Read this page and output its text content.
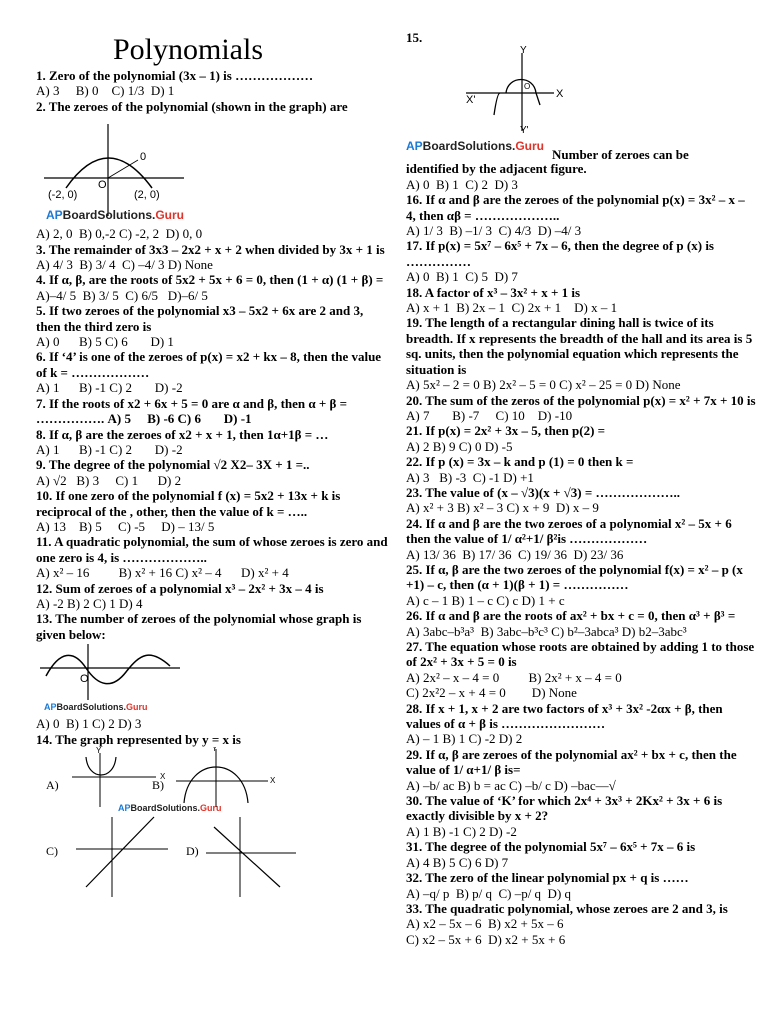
Polynomials
1. Zero of the polynomial (3x – 1) is ………………
A) 3     B) 0    C) 1/3  D) 1
2. The zeroes of the polynomial (shown in the graph) are
0
O
(-2, 0)	(2, 0)
APBoardSolutions.Guru
A) 2, 0  B) 0,-2 C) -2, 2  D) 0, 0
3. The remainder of 3x3 – 2x2 + x + 2 when divided by 3x + 1 is
A) 4/ 3  B) 3/ 4  C) –4/ 3 D) None
4. If α, β, are the roots of 5x2 + 5x + 6 = 0, then (1 + α) (1 + β) =
A)–4/ 5  B) 3/ 5  C) 6/5   D)–6/ 5
5. If two zeroes of the polynomial x3 – 5x2 + 6x are 2 and 3, then the third zero is
A) 0      B) 5 C) 6       D) 1
6. If ‘4’ is one of the zeroes of p(x) = x2 + kx – 8, then the value of k = ………………
A) 1      B) -1 C) 2       D) -2
7. If the roots of x2 + 6x + 5 = 0 are α and β, then α + β = ……………. A) 5     B) -6 C) 6       D) -1
8. If α, β are the zeroes of x2 + x + 1, then 1α+1β = …
A) 1      B) -1 C) 2       D) -2
9. The degree of the polynomial √2 X2– 3X + 1 =..
A) √2   B) 3     C) 1      D) 2
10. If one zero of the polynomial f (x) = 5x2 + 13x + k is reciprocal of the , other, then the value of k = …..
A) 13    B) 5     C) -5     D) – 13/ 5
11. A quadratic polynomial, the sum of whose zeroes is zero and one zero is 4, is ………………..
A) x² – 16         B) x² + 16 C) x² – 4      D) x² + 4
12. Sum of zeroes of a polynomial x³ – 2x² + 3x – 4 is
A) -2 B) 2 C) 1 D) 4
13. The number of zeroes of the polynomial whose graph is given below:
O
APBoardSolutions.Guru
A) 0  B) 1 C) 2 D) 3
14. The graph represented by y = x is
A)
Y
X
B)
Y
X
C)	D)
APBoardSolutions.Guru
15.
Y
X
X'
Y'
O
APBoardSolutions.Guru
Number of zeroes can be
identified by the adjacent figure.
A) 0  B) 1  C) 2  D) 3
16. If α and β are the zeroes of the polynomial p(x) = 3x² – x – 4, then αβ = ………………..
A) 1/ 3  B) –1/ 3  C) 4/3  D) –4/ 3
17. If p(x) = 5x⁷ – 6x⁵ + 7x – 6, then the degree of p (x) is ……………
A) 0  B) 1  C) 5  D) 7
18. A factor of x³ – 3x² + x + 1 is
A) x + 1  B) 2x – 1  C) 2x + 1    D) x – 1
19. The length of a rectangular dining hall is twice of its breadth. If x represents the breadth of the hall and its area is 5 sq. units, then the polynomial equation which represents the situation is
A) 5x² – 2 = 0 B) 2x² – 5 = 0 C) x² – 25 = 0 D) None
20. The sum of the zeros of the polynomial p(x) = x² + 7x + 10 is
A) 7       B) -7     C) 10    D) -10
21. If p(x) = 2x² + 3x – 5, then p(2) =
A) 2 B) 9 C) 0 D) -5
22. If p (x) = 3x – k and p (1) = 0 then k =
A) 3   B) -3  C) -1 D) +1
23. The value of (x – √3)(x + √3) = ………………..
A) x² + 3 B) x² – 3 C) x + 9  D) x – 9
24. If α and β are the two zeroes of a polynomial x² – 5x + 6 then the value of 1/ α²+1/ β²is ………………
A) 13/ 36  B) 17/ 36  C) 19/ 36  D) 23/ 36
25. If α, β are the two zeroes of the polynomial f(x) = x² – p (x +1) – c, then (α + 1)(β + 1) = ……………
A) c – 1 B) 1 – c C) c D) 1 + c
26. If α and β are the roots of ax² + bx + c = 0, then α³ + β³ =
A) 3abc–b³a³  B) 3abc–b³c³ C) b²–3abca³ D) b2–3abc³
27. The equation whose roots are obtained by adding 1 to those of 2x² + 3x + 5 = 0 is
A) 2x² – x – 4 = 0         B) 2x² + x – 4 = 0
C) 2x²2 – x + 4 = 0        D) None
28. If x + 1, x + 2 are two factors of x³ + 3x² -2αx + β, then values of α + β is ……………………
A) – 1 B) 1 C) -2 D) 2
29. If α, β are zeroes of the polynomial ax² + bx + c, then the value of 1/ α+1/ β is=
A) –b/ ac B) b = ac C) –b/ c D) –bac—√
30. The value of ‘K’ for which 2x⁴ + 3x³ + 2Kx² + 3x + 6 is exactly divisible by x + 2?
A) 1 B) -1 C) 2 D) -2
31. The degree of the polynomial 5x⁷ – 6x⁵ + 7x – 6 is
A) 4 B) 5 C) 6 D) 7
32. The zero of the linear polynomial px + q is ……
A) –q/ p  B) p/ q  C) –p/ q  D) q
33. The quadratic polynomial, whose zeroes are 2 and 3, is
A) x2 – 5x – 6  B) x2 + 5x – 6
C) x2 – 5x + 6  D) x2 + 5x + 6
